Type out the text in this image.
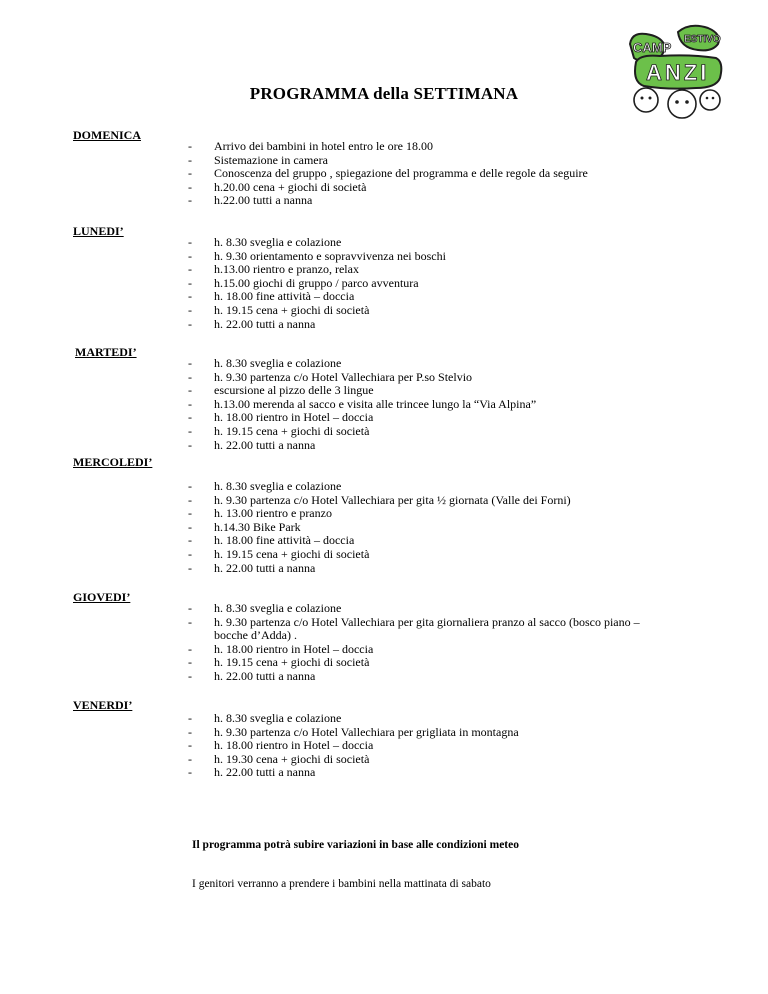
CAMP
ESTIVO
ANZI
PROGRAMMA della SETTIMANA
DOMENICA
- Arrivo dei bambini in hotel entro le ore 18.00
- Sistemazione in camera
- Conoscenza del gruppo , spiegazione del programma e delle regole da seguire
- h.20.00 cena + giochi di società
- h.22.00 tutti a nanna
LUNEDI’
- h. 8.30 sveglia e colazione
- h. 9.30 orientamento e sopravvivenza nei boschi
- h.13.00 rientro e pranzo, relax
- h.15.00 giochi di gruppo / parco avventura
- h. 18.00 fine attività – doccia
- h. 19.15 cena + giochi di società
- h. 22.00 tutti a nanna
MARTEDI’
- h. 8.30 sveglia e colazione
- h. 9.30 partenza c/o Hotel Vallechiara per P.so Stelvio
- escursione al pizzo delle 3 lingue
- h.13.00 merenda al sacco e visita alle trincee lungo la “Via Alpina”
- h. 18.00 rientro in Hotel – doccia
- h. 19.15 cena + giochi di società
- h. 22.00 tutti a nanna
MERCOLEDI’
- h. 8.30 sveglia e colazione
- h. 9.30 partenza c/o Hotel Vallechiara per gita ½ giornata (Valle dei Forni)
- h. 13.00 rientro e pranzo
- h.14.30 Bike Park
- h. 18.00 fine attività – doccia
- h. 19.15 cena + giochi di società
- h. 22.00 tutti a nanna
GIOVEDI’
- h. 8.30 sveglia e colazione
- h. 9.30 partenza c/o Hotel Vallechiara per gita giornaliera pranzo al sacco (bosco piano –
bocche d’Adda) .
- h. 18.00 rientro in Hotel – doccia
- h. 19.15 cena + giochi di società
- h. 22.00 tutti a nanna
VENERDI’
- h. 8.30 sveglia e colazione
- h. 9.30 partenza c/o Hotel Vallechiara per grigliata in montagna
- h. 18.00 rientro in Hotel – doccia
- h. 19.30 cena + giochi di società
- h. 22.00 tutti a nanna
Il programma potrà subire variazioni in base alle condizioni meteo
I genitori verranno a prendere i bambini nella mattinata di sabato
